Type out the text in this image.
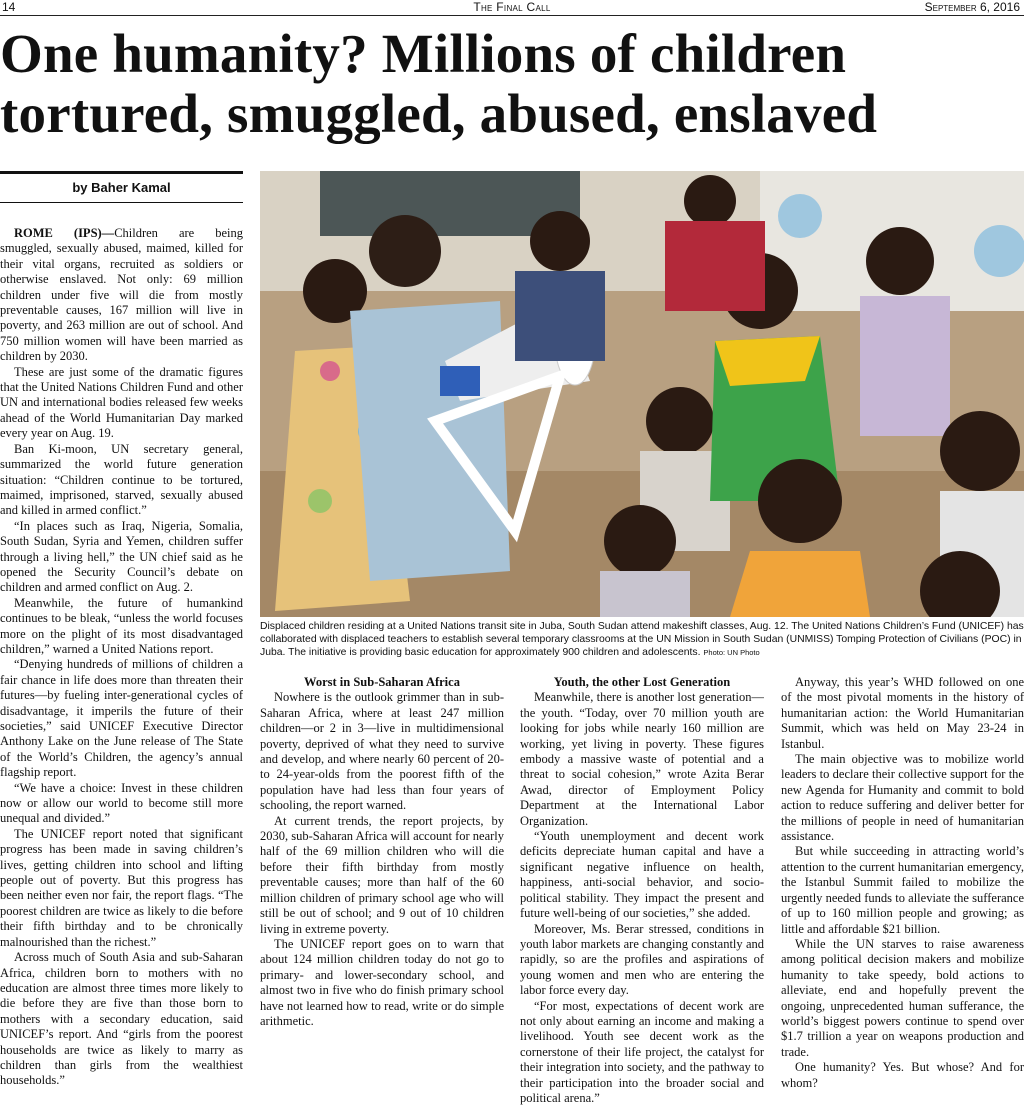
14	The Final Call	September 6, 2016
One humanity? Millions of children
tortured, smuggled, abused, enslaved
by Baher Kamal
Displaced children residing at a United Nations transit site in Juba, South Sudan attend makeshift classes, Aug. 12. The United Nations Children’s Fund (UNICEF) has collaborated with displaced teachers to establish several temporary classrooms at the UN Mission in South Sudan (UNMISS) Tomping Protection of Civilians (POC) in Juba. The initiative is providing basic education for approximately 900 children and adolescents. Photo: UN Photo

ROME (IPS)—Children are being smuggled, sexually abused, maimed, killed for their vital organs, recruited as soldiers or otherwise enslaved. Not only: 69 million children under five will die from mostly preventable causes, 167 million will live in poverty, and 263 million are out of school. And 750 million women will have been married as children by 2030.

These are just some of the dramatic figures that the United Nations Children Fund and other UN and international bodies released few weeks ahead of the World Humanitarian Day marked every year on Aug. 19.

Ban Ki-moon, UN secretary general, summarized the world future generation situation: “Children continue to be tortured, maimed, imprisoned, starved, sexually abused and killed in armed conflict.”

“In places such as Iraq, Nigeria, Somalia, South Sudan, Syria and Yemen, children suffer through a living hell,” the UN chief said as he opened the Security Council’s debate on children and armed conflict on Aug. 2.

Meanwhile, the future of humankind continues to be bleak, “unless the world focuses more on the plight of its most disadvantaged children,” warned a United Nations report.

“Denying hundreds of millions of children a fair chance in life does more than threaten their futures—by fueling inter-generational cycles of disadvantage, it imperils the future of their societies,” said UNICEF Executive Director Anthony Lake on the June release of The State of the World’s Children, the agency’s annual flagship report.

“We have a choice: Invest in these children now or allow our world to become still more unequal and divided.”

The UNICEF report noted that significant progress has been made in saving children’s lives, getting children into school and lifting people out of poverty. But this progress has been neither even nor fair, the report flags. “The poorest children are twice as likely to die before their fifth birthday and to be chronically malnourished than the richest.”

Across much of South Asia and sub-Saharan Africa, children born to mothers with no education are almost three times more likely to die before they are five than those born to mothers with a secondary education, said UNICEF’s report. And “girls from the poorest households are twice as likely to marry as children than girls from the wealthiest households.”

Worst in Sub-Saharan Africa

Nowhere is the outlook grimmer than in sub-Saharan Africa, where at least 247 million children—or 2 in 3—live in multidimensional poverty, deprived of what they need to survive and develop, and where nearly 60 percent of 20- to 24-year-olds from the poorest fifth of the population have had less than four years of schooling, the report warned.

At current trends, the report projects, by 2030, sub-Saharan Africa will account for nearly half of the 69 million children who will die before their fifth birthday from mostly preventable causes; more than half of the 60 million children of primary school age who will still be out of school; and 9 out of 10 children living in extreme poverty.

The UNICEF report goes on to warn that about 124 million children today do not go to primary- and lower-secondary school, and almost two in five who do finish primary school have not learned how to read, write or do simple arithmetic.

Youth, the other Lost Generation

Meanwhile, there is another lost generation—the youth. “Today, over 70 million youth are looking for jobs while nearly 160 million are working, yet living in poverty. These figures embody a massive waste of potential and a threat to social cohesion,” wrote Azita Berar Awad, director of Employment Policy Department at the International Labor Organization.

“Youth unemployment and decent work deficits depreciate human capital and have a significant negative influence on health, happiness, anti-social behavior, and socio-political stability. They impact the present and future well-being of our societies,” she added.

Moreover, Ms. Berar stressed, conditions in youth labor markets are changing constantly and rapidly, so are the profiles and aspirations of young women and men who are entering the labor force every day.

“For most, expectations of decent work are not only about earning an income and making a livelihood. Youth see decent work as the cornerstone of their life project, the catalyst for their integration into society, and the pathway to their participation into the broader social and political arena.”

Anyway, this year’s WHD followed on one of the most pivotal moments in the history of humanitarian action: the World Humanitarian Summit, which was held on May 23-24 in Istanbul.

The main objective was to mobilize world leaders to declare their collective support for the new Agenda for Humanity and commit to bold action to reduce suffering and deliver better for the millions of people in need of humanitarian assistance.

But while succeeding in attracting world’s attention to the current humanitarian emergency, the Istanbul Summit failed to mobilize the urgently needed funds to alleviate the sufferance of up to 160 million people and growing; as little and affordable $21 billion.

While the UN starves to raise awareness among political decision makers and mobilize humanity to take speedy, bold actions to alleviate, end and hopefully prevent the ongoing, unprecedented human sufferance, the world’s biggest powers continue to spend over $1.7 trillion a year on weapons production and trade.

One humanity? Yes. But whose? And for whom?
